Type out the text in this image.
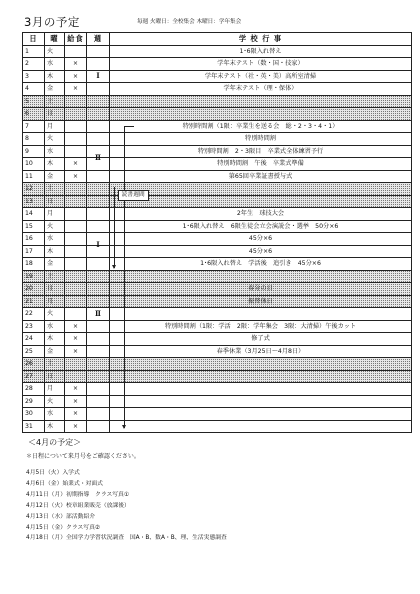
3月の予定	毎週 火曜日：全校集会 木曜日：学年集会
日	曜	給食	週	学 校 行 事
1	火			1･6限入れ替え
2	水	×		学年末テスト（数・国・技家）
3	木	×		学年末テスト（社・英・美）高所室清掃
4	金	×		学年末テスト（理・保体）
5	土			
6	日			
7	月			特別時間割（1限：卒業生を送る会　総・2・3・4・1）
8	火			特別時間割
9	水			特別時間割　2・3限目　卒業式全体練習予行
10	木	×		特別時間割　午後　卒業式準備
11	金	×		第65回卒業証書授与式
12	土			
13	日			
14	月			2年生　球技大会
15	火			1･6限入れ替え　6限生徒会立会演説会・選挙　50分×6
16	水			45分×6
17	木			45分×6
18	金			1･6限入れ替え　学活後　追引き　45分×6
19	土			
20	日			春分の日
21	月			振替休日
22	火			
23	水	×		特別時間割（1限：学活　2限：学年集会　3限：大清掃）午後カット
24	木	×		修了式
25	金	×		春季休業（3月25日～4月8日）
26	土			
27	日			
28	月	×		
29	火	×		
30	水	×		
31	木	×		
Ⅰ
Ⅱ
Ⅰ
Ⅱ
読書週間
＜4月の予定＞
＊日程について来月号をご確認ください。
4月5日（火）入学式
4月6日（金）始業式・対面式
4月11日（月）初期指導　クラス写真①
4月12日（火）校章組業販売（放課後）
4月13日（水）部活動紹介
4月15日（金）クラス写真②
4月18日（月）全国学力学習状況調査　国A・B、数A・B、理、生活実態調査
